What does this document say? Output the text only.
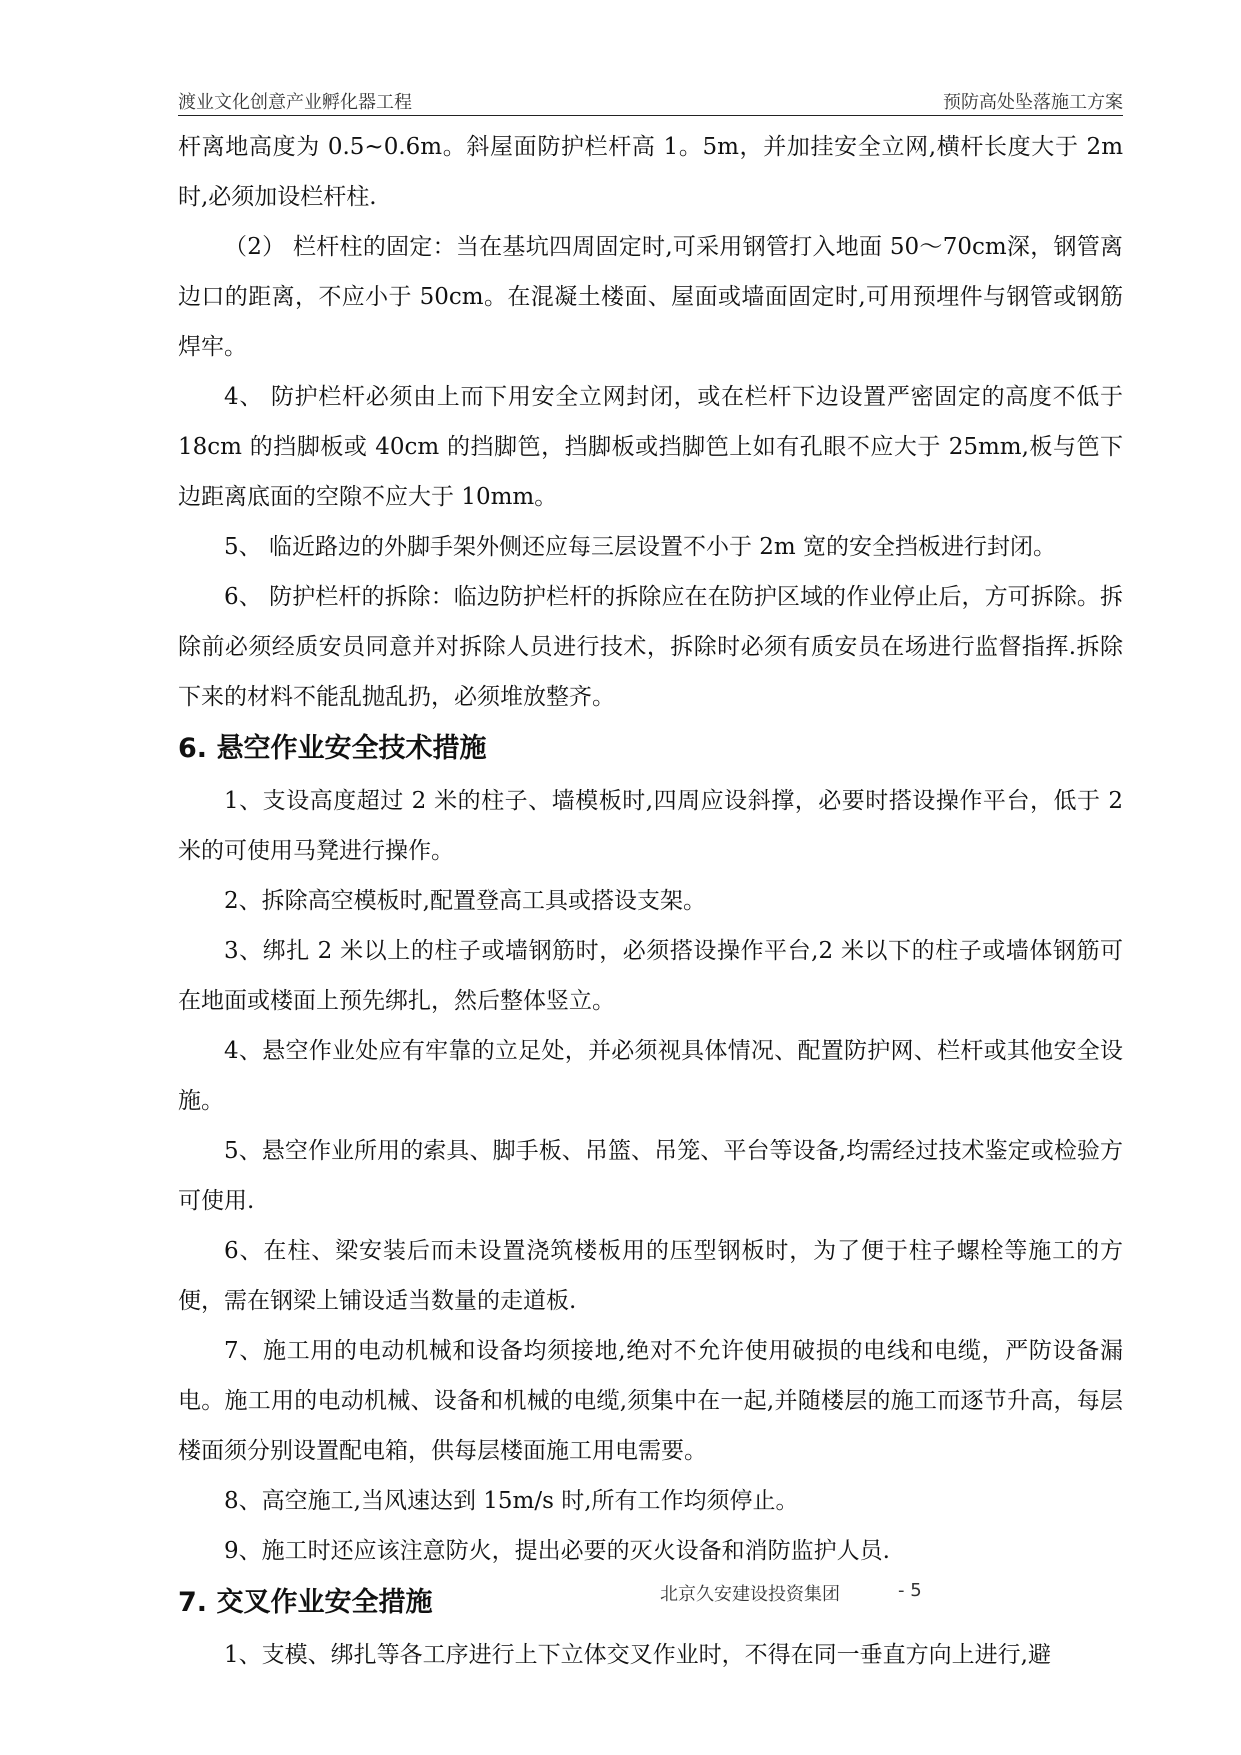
渡业文化创意产业孵化器工程	预防高处坠落施工方案

杆离地高度为 0.5~0.6m。斜屋面防护栏杆高 1。5m，并加挂安全立网,横杆长度大于 2m时,必须加设栏杆柱.

（2） 栏杆柱的固定：当在基坑四周固定时,可采用钢管打入地面 50～70cm深，钢管离边口的距离，不应小于 50cm。在混凝土楼面、屋面或墙面固定时,可用预埋件与钢管或钢筋焊牢。

4、 防护栏杆必须由上而下用安全立网封闭，或在栏杆下边设置严密固定的高度不低于 18cm 的挡脚板或 40cm 的挡脚笆，挡脚板或挡脚笆上如有孔眼不应大于 25mm,板与笆下边距离底面的空隙不应大于 10mm。

5、 临近路边的外脚手架外侧还应每三层设置不小于 2m 宽的安全挡板进行封闭。

6、 防护栏杆的拆除：临边防护栏杆的拆除应在在防护区域的作业停止后，方可拆除。拆除前必须经质安员同意并对拆除人员进行技术，拆除时必须有质安员在场进行监督指挥.拆除下来的材料不能乱抛乱扔，必须堆放整齐。

6. 悬空作业安全技术措施

1、支设高度超过 2 米的柱子、墙模板时,四周应设斜撑，必要时搭设操作平台，低于 2 米的可使用马凳进行操作。

2、拆除高空模板时,配置登高工具或搭设支架。

3、绑扎 2 米以上的柱子或墙钢筋时，必须搭设操作平台,2 米以下的柱子或墙体钢筋可在地面或楼面上预先绑扎，然后整体竖立。

4、悬空作业处应有牢靠的立足处，并必须视具体情况、配置防护网、栏杆或其他安全设施。

5、悬空作业所用的索具、脚手板、吊篮、吊笼、平台等设备,均需经过技术鉴定或检验方可使用.

6、在柱、梁安装后而未设置浇筑楼板用的压型钢板时，为了便于柱子螺栓等施工的方便，需在钢梁上铺设适当数量的走道板.

7、施工用的电动机械和设备均须接地,绝对不允许使用破损的电线和电缆，严防设备漏电。施工用的电动机械、设备和机械的电缆,须集中在一起,并随楼层的施工而逐节升高，每层楼面须分别设置配电箱，供每层楼面施工用电需要。

8、高空施工,当风速达到 15m/s 时,所有工作均须停止。

9、施工时还应该注意防火，提出必要的灭火设备和消防监护人员.

7. 交叉作业安全措施

1、支模、绑扎等各工序进行上下立体交叉作业时，不得在同一垂直方向上进行,避

北京久安建设投资集团	- 5
